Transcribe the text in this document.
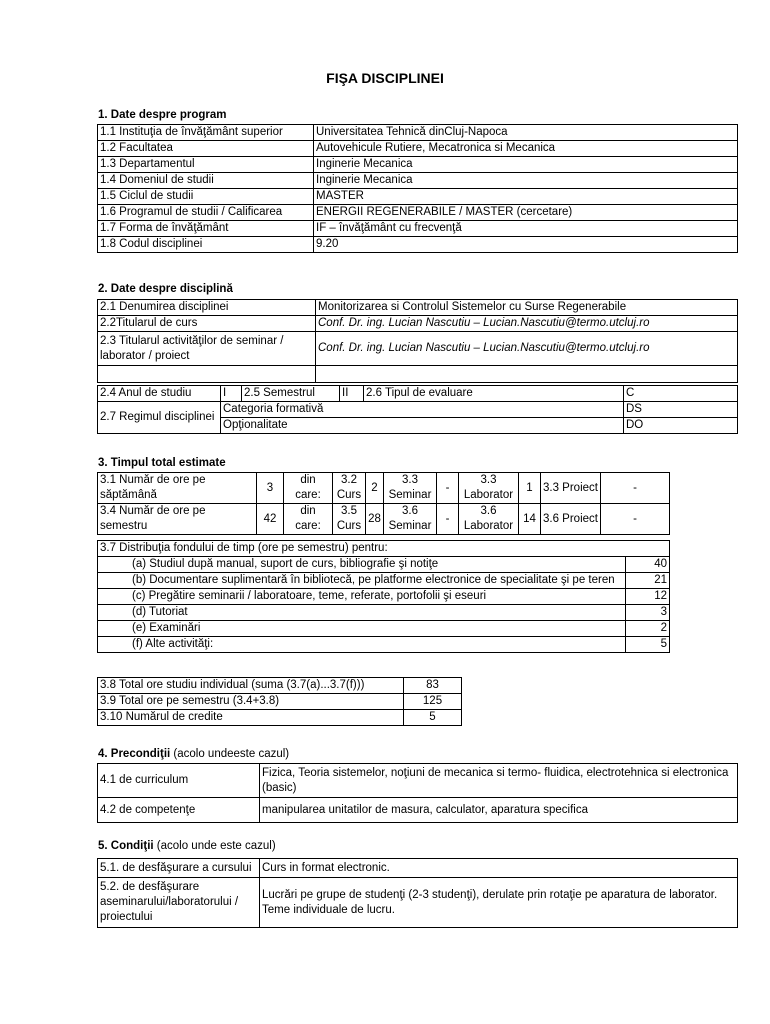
FIŞA DISCIPLINEI
1. Date despre program
1.1 Instituţia de învăţământ superior	Universitatea Tehnică dinCluj-Napoca
1.2 Facultatea	Autovehicule Rutiere, Mecatronica si Mecanica
1.3 Departamentul	Inginerie Mecanica
1.4 Domeniul de studii	Inginerie Mecanica
1.5 Ciclul de studii	MASTER
1.6 Programul de studii / Calificarea	ENERGII REGENERABILE / MASTER (cercetare)
1.7 Forma de învăţământ	IF – învăţământ cu frecvenţă
1.8 Codul disciplinei	9.20
2. Date despre disciplină
2.1 Denumirea disciplinei	Monitorizarea si Controlul Sistemelor cu Surse Regenerabile
2.2Titularul de curs	Conf. Dr. ing. Lucian Nascutiu – Lucian.Nascutiu@termo.utcluj.ro
2.3 Titularul activităţilor de seminar / laborator / proiect	Conf. Dr. ing. Lucian Nascutiu – Lucian.Nascutiu@termo.utcluj.ro

2.4 Anul de studiu	I	2.5 Semestrul	II	2.6 Tipul de evaluare	C
2.7 Regimul disciplinei	Categoria formativă				DS
	Opţionalitate				DO
3. Timpul total estimate
3.1 Număr de ore pe săptămână	3	din care:	3.2 Curs	2	3.3 Seminar	-	3.3 Laborator	1	3.3 Proiect	-
3.4 Număr de ore pe semestru	42	din care:	3.5 Curs	28	3.6 Seminar	-	3.6 Laborator	14	3.6 Proiect	-
3.7 Distribuţia fondului de timp (ore pe semestru) pentru:	
(a) Studiul după manual, suport de curs, bibliografie şi notiţe	40
(b) Documentare suplimentară în bibliotecă, pe platforme electronice de specialitate şi pe teren	21
(c) Pregătire seminarii / laboratoare, teme, referate, portofolii şi eseuri	12
(d) Tutoriat	3
(e) Examinări	2
(f) Alte activităţi:	5
3.8 Total ore studiu individual (suma (3.7(a)...3.7(f)))	83
3.9 Total ore pe semestru (3.4+3.8)	125
3.10 Numărul de credite	5
4. Precondiţii (acolo undeeste cazul)
4.1 de curriculum	Fizica, Teoria sistemelor, noţiuni de mecanica si termo- fluidica, electrotehnica si electronica (basic)
4.2 de competenţe	manipularea unitatilor de masura, calculator, aparatura specifica
5. Condiţii (acolo unde este cazul)
5.1. de desfăşurare a cursului	Curs in format electronic.
5.2. de desfăşurare aseminarului/laboratorului / proiectului	Lucrări pe grupe de studenţi (2-3 studenţi), derulate prin rotaţie pe aparatura de laborator. Teme individuale de lucru.
